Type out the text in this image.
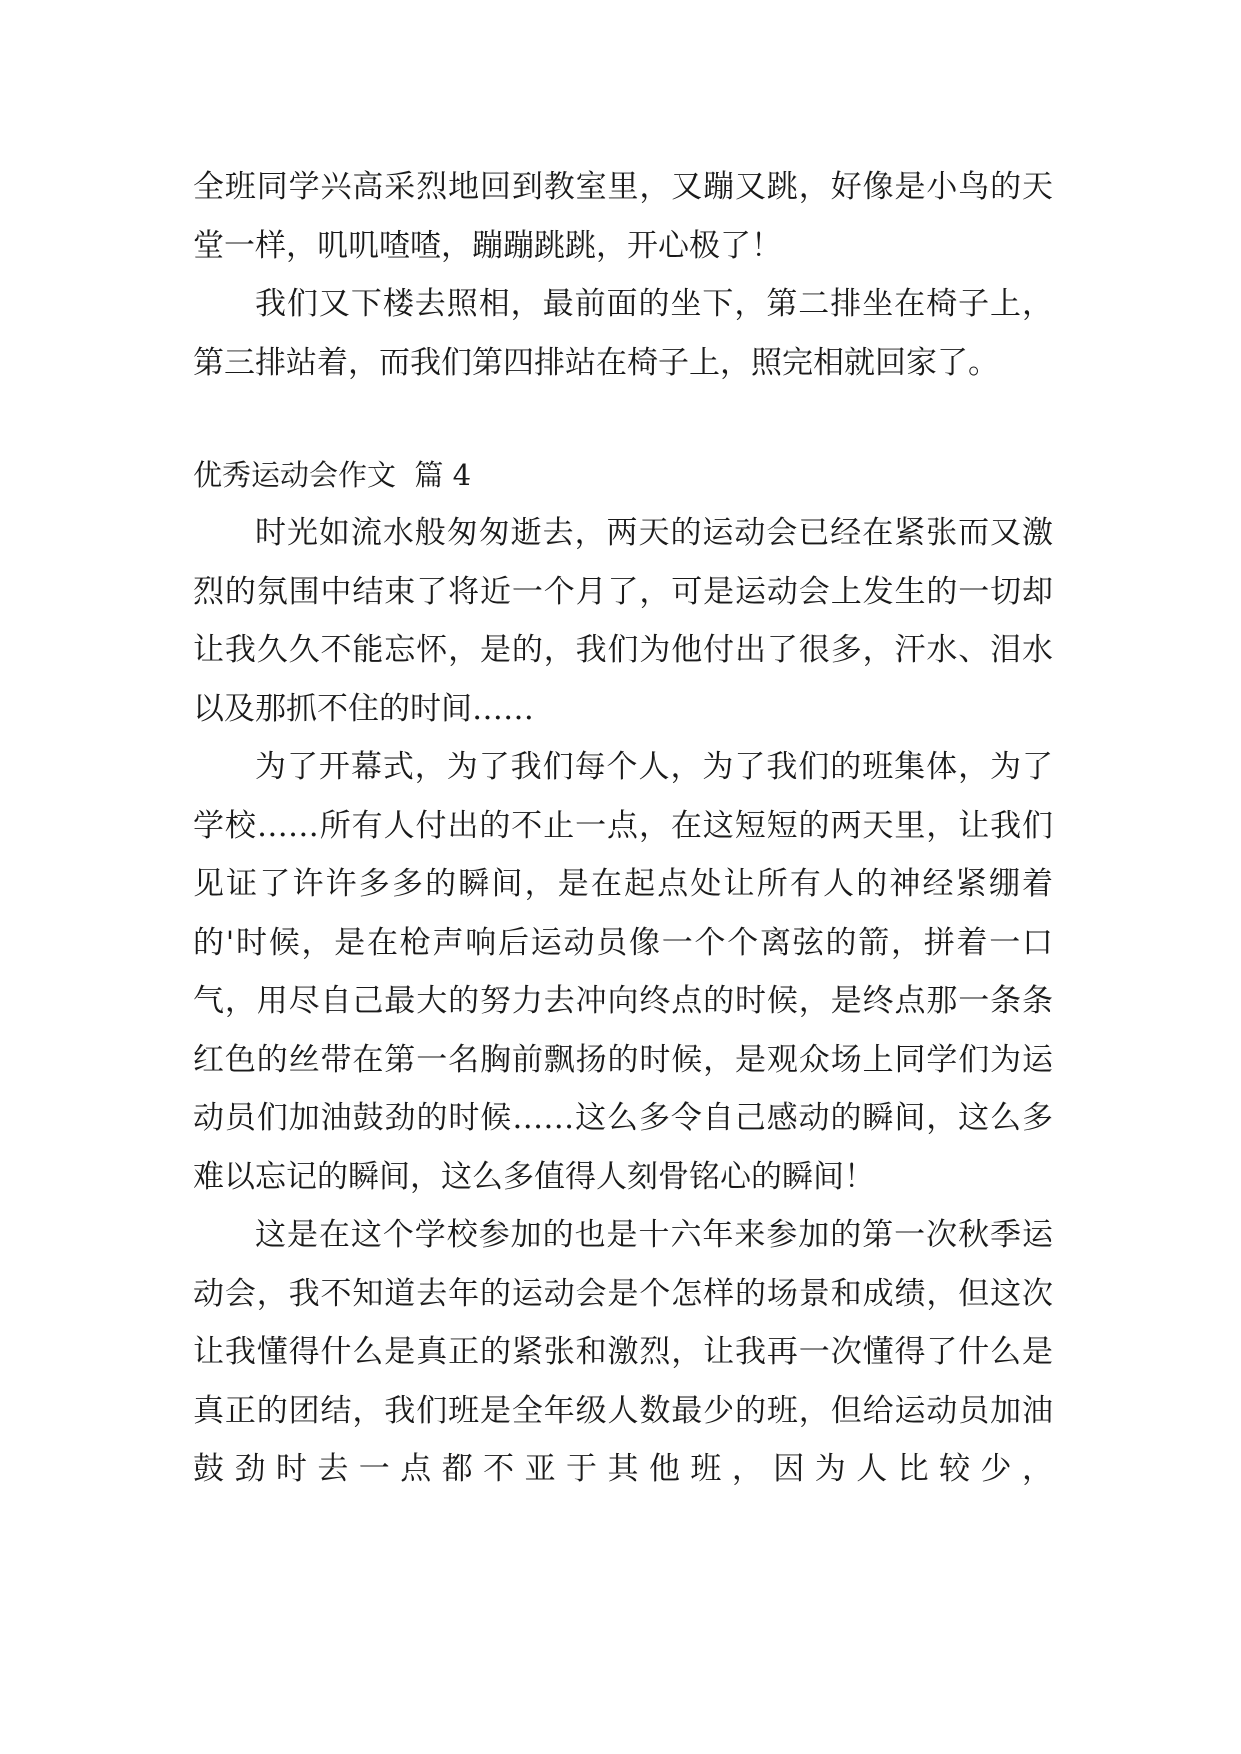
全班同学兴高采烈地回到教室里，又蹦又跳，好像是小鸟的天堂一样，叽叽喳喳，蹦蹦跳跳，开心极了！

我们又下楼去照相，最前面的坐下，第二排坐在椅子上，第三排站着，而我们第四排站在椅子上，照完相就回家了。

优秀运动会作文  篇 4

时光如流水般匆匆逝去，两天的运动会已经在紧张而又激烈的氛围中结束了将近一个月了，可是运动会上发生的一切却让我久久不能忘怀，是的，我们为他付出了很多，汗水、泪水以及那抓不住的时间……

为了开幕式，为了我们每个人，为了我们的班集体，为了学校……所有人付出的不止一点，在这短短的两天里，让我们见证了许许多多的瞬间，是在起点处让所有人的神经紧绷着的'时候，是在枪声响后运动员像一个个离弦的箭，拼着一口气，用尽自己最大的努力去冲向终点的时候，是终点那一条条红色的丝带在第一名胸前飘扬的时候，是观众场上同学们为运动员们加油鼓劲的时候……这么多令自己感动的瞬间，这么多难以忘记的瞬间，这么多值得人刻骨铭心的瞬间！

这是在这个学校参加的也是十六年来参加的第一次秋季运动会，我不知道去年的运动会是个怎样的场景和成绩，但这次让我懂得什么是真正的紧张和激烈，让我再一次懂得了什么是真正的团结，我们班是全年级人数最少的班，但给运动员加油鼓劲时去一点都不亚于其他班，因为人比较少，
